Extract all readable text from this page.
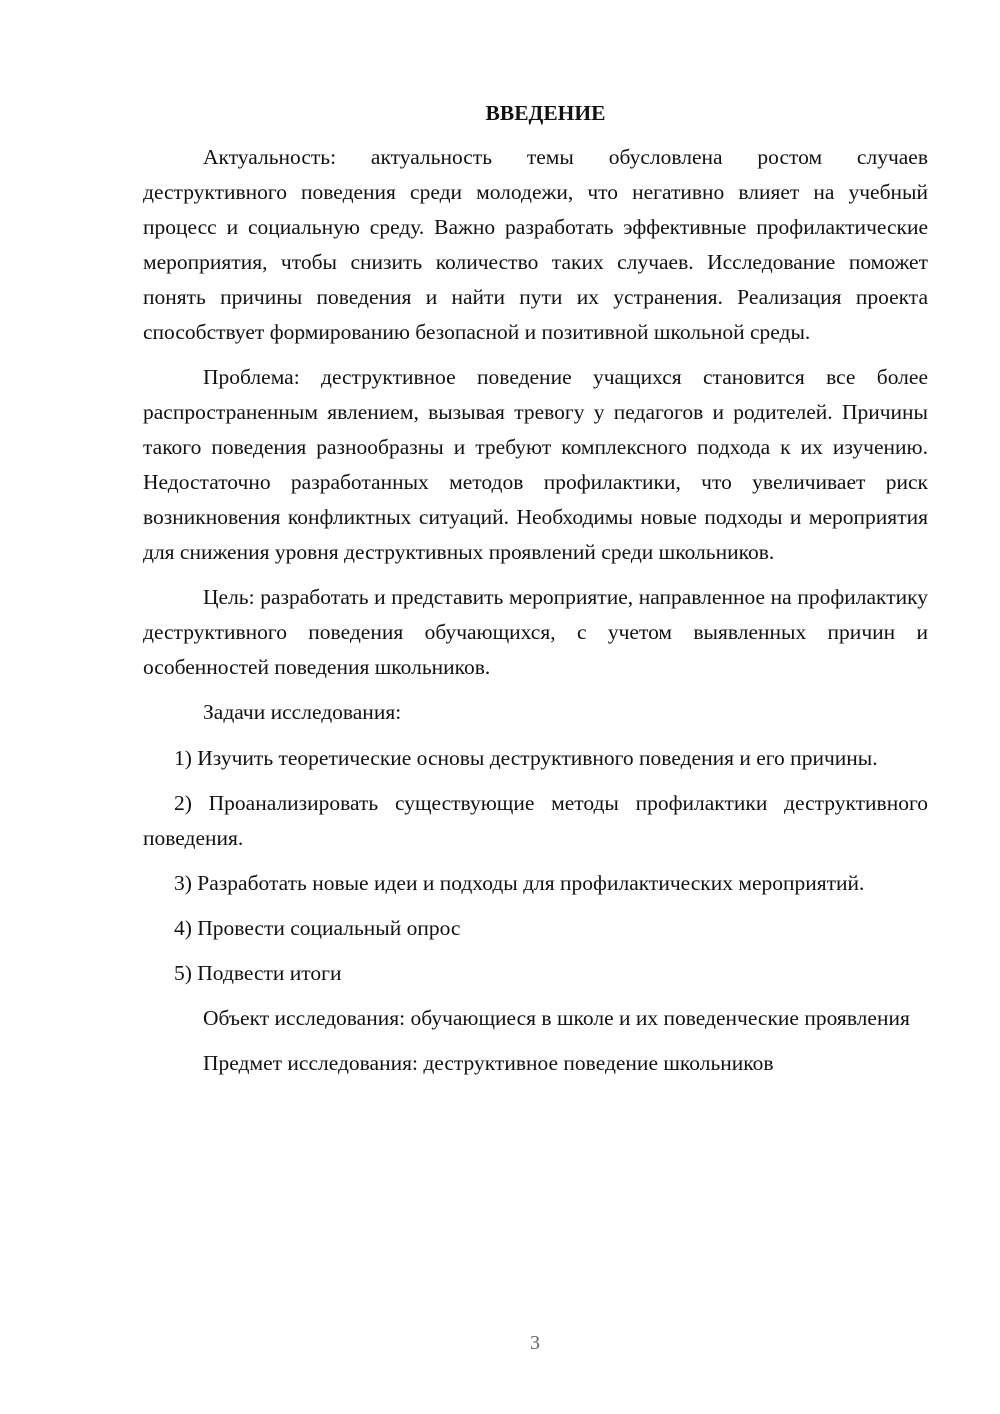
ВВЕДЕНИЕ

Актуальность: актуальность темы обусловлена ростом случаев деструктивного поведения среди молодежи, что негативно влияет на учебный процесс и социальную среду. Важно разработать эффективные профилактические мероприятия, чтобы снизить количество таких случаев. Исследование поможет понять причины поведения и найти пути их устранения. Реализация проекта способствует формированию безопасной и позитивной школьной среды.

Проблема: деструктивное поведение учащихся становится все более распространенным явлением, вызывая тревогу у педагогов и родителей. Причины такого поведения разнообразны и требуют комплексного подхода к их изучению. Недостаточно разработанных методов профилактики, что увеличивает риск возникновения конфликтных ситуаций. Необходимы новые подходы и мероприятия для снижения уровня деструктивных проявлений среди школьников.

Цель: разработать и представить мероприятие, направленное на профилактику деструктивного поведения обучающихся, с учетом выявленных причин и особенностей поведения школьников.

Задачи исследования:

1) Изучить теоретические основы деструктивного поведения и его причины.

2) Проанализировать существующие методы профилактики деструктивного поведения.

3) Разработать новые идеи и подходы для профилактических мероприятий.

4) Провести социальный опрос

5) Подвести итоги

Объект исследования: обучающиеся в школе и их поведенческие проявления

Предмет исследования: деструктивное поведение школьников

3
